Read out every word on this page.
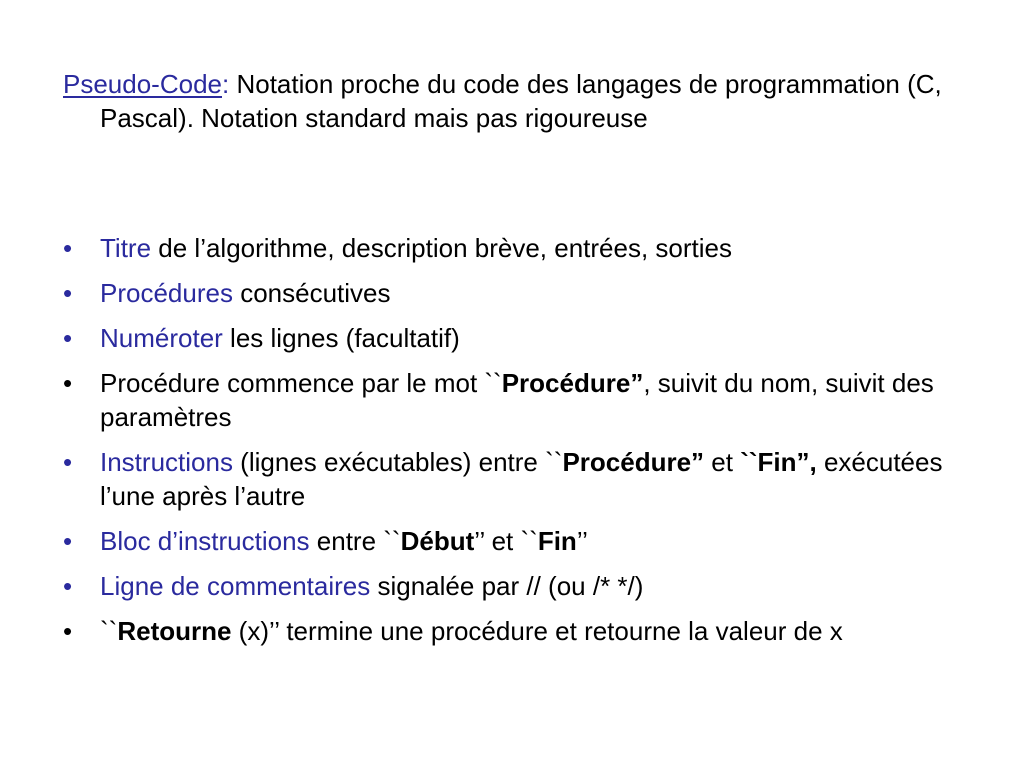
Pseudo-Code: Notation proche du code des langages de programmation (C, Pascal). Notation standard mais pas rigoureuse

•	Titre de l’algorithme, description brève, entrées, sorties
•	Procédures consécutives
•	Numéroter les lignes (facultatif)
•	Procédure commence par le mot ``Procédure”, suivit du nom, suivit des paramètres
•	Instructions (lignes exécutables) entre ``Procédure” et ``Fin”, exécutées l’une après l’autre
•	Bloc d’instructions entre ``Début’’ et ``Fin’’
•	Ligne de commentaires signalée par // (ou /* */)
•	``Retourne (x)’’ termine une procédure et retourne la valeur de x
